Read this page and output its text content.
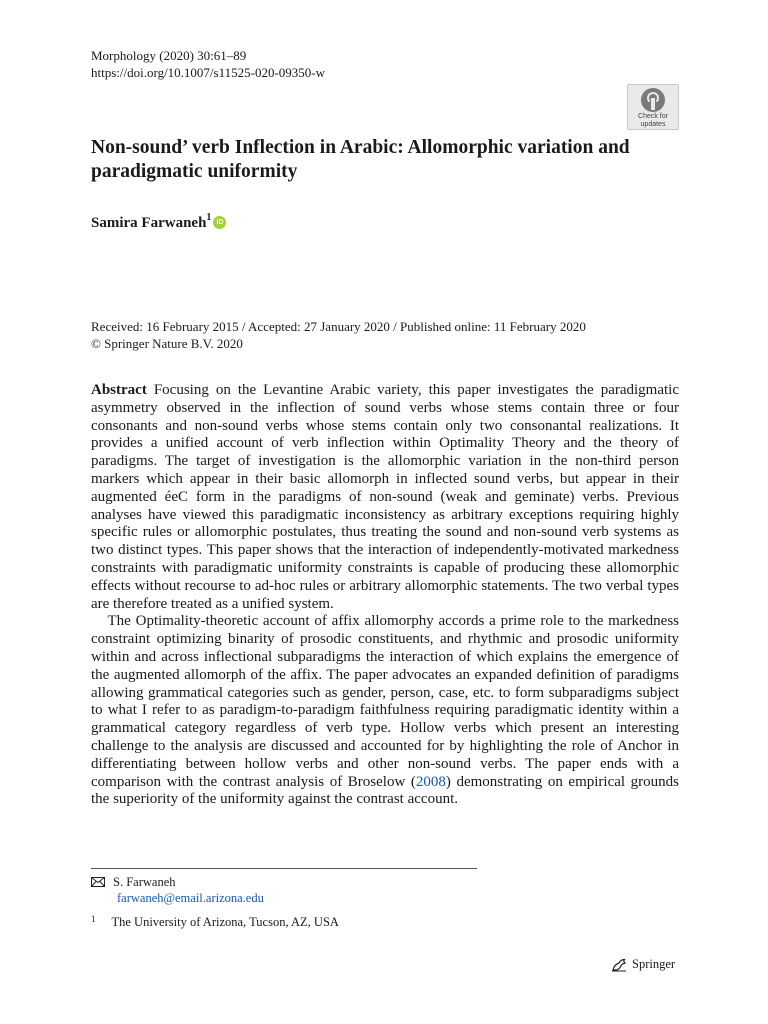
Morphology (2020) 30:61–89
https://doi.org/10.1007/s11525-020-09350-w
Check for
updates
Non-sound’ verb Inflection in Arabic: Allomorphic variation and paradigmatic uniformity
Samira Farwaneh$^1$iD
Received: 16 February 2015 / Accepted: 27 January 2020 / Published online: 11 February 2020
© Springer Nature B.V. 2020

Abstract Focusing on the Levantine Arabic variety, this paper investigates the paradigmatic asymmetry observed in the inflection of sound verbs whose stems contain three or four consonants and non-sound verbs whose stems contain only two consonantal realizations. It provides a unified account of verb inflection within Optimality Theory and the theory of paradigms. The target of investigation is the allomorphic variation in the non-third person markers which appear in their basic allomorph in inflected sound verbs, but appear in their augmented éeC form in the paradigms of non-sound (weak and geminate) verbs. Previous analyses have viewed this paradigmatic inconsistency as arbitrary exceptions requiring highly specific rules or allomorphic postulates, thus treating the sound and non-sound verb systems as two distinct types. This paper shows that the interaction of independently-motivated markedness constraints with paradigmatic uniformity constraints is capable of producing these allomorphic effects without recourse to ad-hoc rules or arbitrary allomorphic statements. The two verbal types are therefore treated as a unified system.

The Optimality-theoretic account of affix allomorphy accords a prime role to the markedness constraint optimizing binarity of prosodic constituents, and rhythmic and prosodic uniformity within and across inflectional subparadigms the interaction of which explains the emergence of the augmented allomorph of the affix. The paper advocates an expanded definition of paradigms allowing grammatical categories such as gender, person, case, etc. to form subparadigms subject to what I refer to as paradigm-to-paradigm faithfulness requiring paradigmatic identity within a grammatical category regardless of verb type. Hollow verbs which present an interesting challenge to the analysis are discussed and accounted for by highlighting the role of Anchor in differentiating between hollow verbs and other non-sound verbs. The paper ends with a comparison with the contrast analysis of Broselow (2008) demonstrating on empirical grounds the superiority of the uniformity against the contrast account.

S. Farwaneh
farwaneh@email.arizona.edu
$^1$ The University of Arizona, Tucson, AZ, USA
Springer
